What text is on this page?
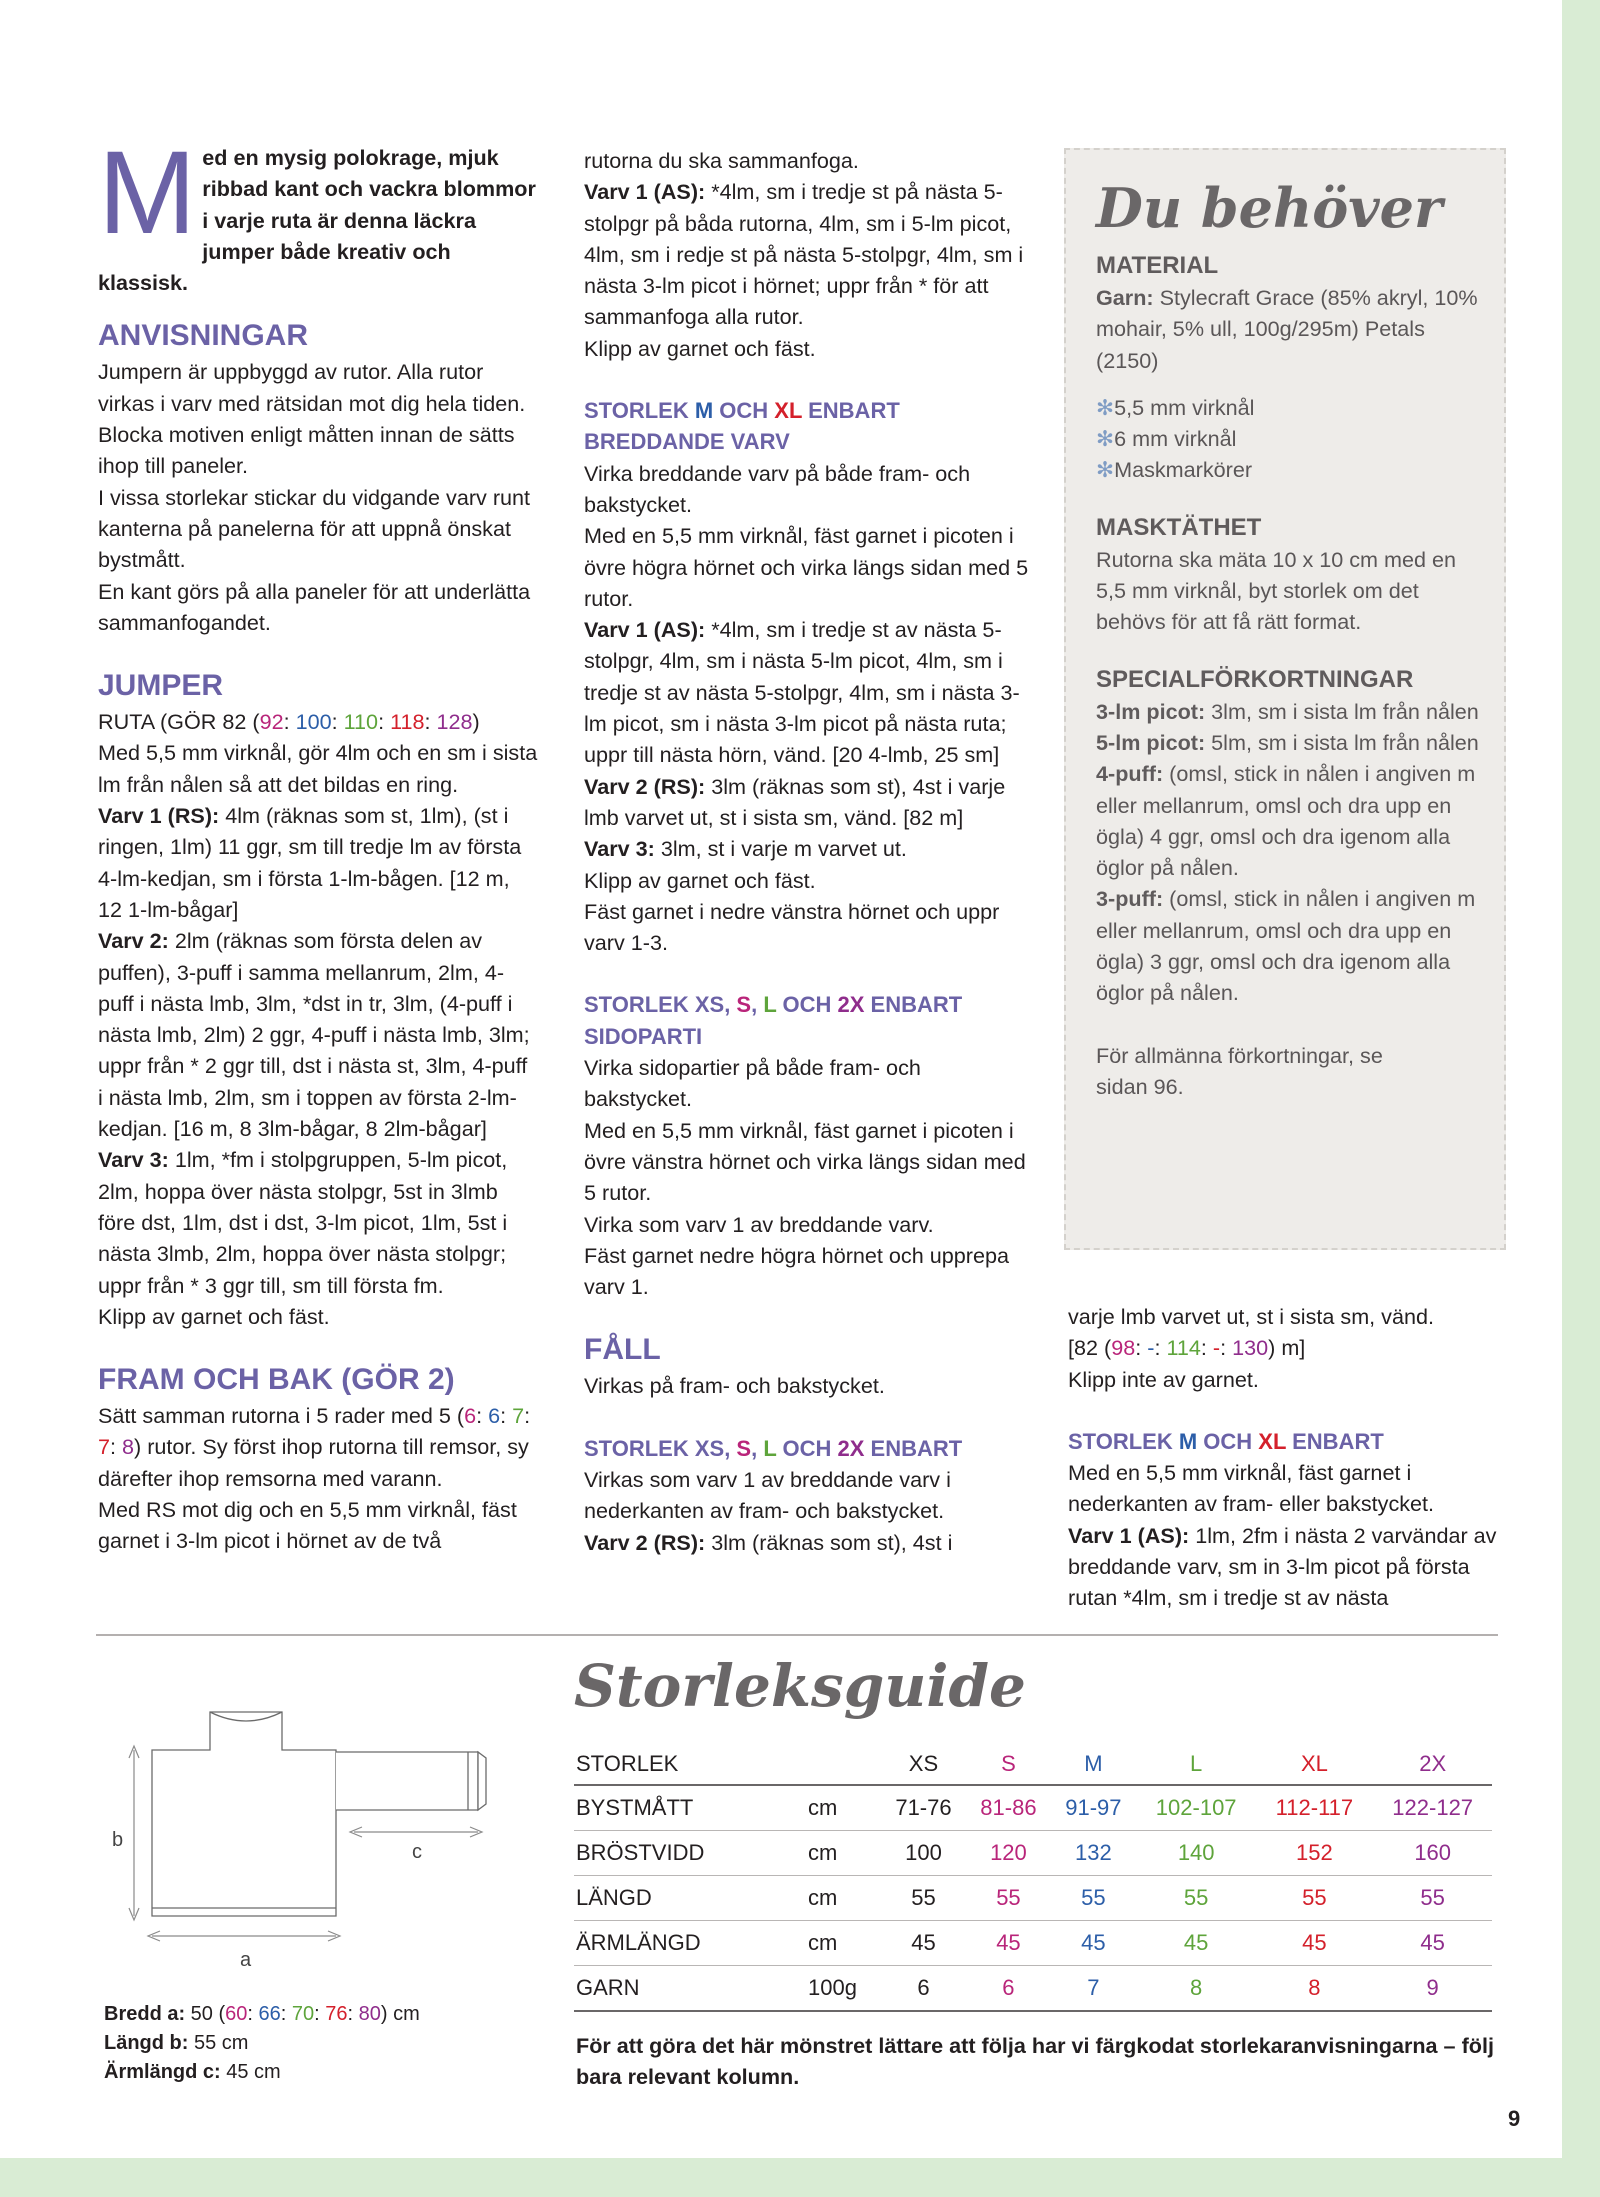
Med en mysig polokrage, mjuk ribbad kant och vackra blommor i varje ruta är denna läckra jumper både kreativ och klassisk.

ANVISNINGAR

Jumpern är uppbyggd av rutor. Alla rutor virkas i varv med rätsidan mot dig hela tiden. Blocka motiven enligt måtten innan de sätts ihop till paneler.

I vissa storlekar stickar du vidgande varv runt kanterna på panelerna för att uppnå önskat bystmått.

En kant görs på alla paneler för att underlätta sammanfogandet.

JUMPER

RUTA (GÖR 82 (92: 100: 110: 118: 128)

Med 5,5 mm virknål, gör 4lm och en sm i sista lm från nålen så att det bildas en ring.

Varv 1 (RS): 4lm (räknas som st, 1lm), (st i ringen, 1lm) 11 ggr, sm till tredje lm av första 4-lm-kedjan, sm i första 1-lm-bågen. [12 m, 12 1-lm-bågar]

Varv 2: 2lm (räknas som första delen av puffen), 3-puff i samma mellanrum, 2lm, 4-puff i nästa lmb, 3lm, *dst in tr, 3lm, (4-puff i nästa lmb, 2lm) 2 ggr, 4-puff i nästa lmb, 3lm; uppr från * 2 ggr till, dst i nästa st, 3lm, 4-puff i nästa lmb, 2lm, sm i toppen av första 2-lm-kedjan. [16 m, 8 3lm-bågar, 8 2lm-bågar]

Varv 3: 1lm, *fm i stolpgruppen, 5-lm picot, 2lm, hoppa över nästa stolpgr, 5st in 3lmb före dst, 1lm, dst i dst, 3-lm picot, 1lm, 5st i nästa 3lmb, 2lm, hoppa över nästa stolpgr; uppr från * 3 ggr till, sm till första fm.

Klipp av garnet och fäst.

FRAM OCH BAK (GÖR 2)

Sätt samman rutorna i 5 rader med 5 (6: 6: 7: 7: 8) rutor. Sy först ihop rutorna till remsor, sy därefter ihop remsorna med varann.

Med RS mot dig och en 5,5 mm virknål, fäst garnet i 3-lm picot i hörnet av de två

rutorna du ska sammanfoga.

Varv 1 (AS): *4lm, sm i tredje st på nästa 5-stolpgr på båda rutorna, 4lm, sm i 5-lm picot, 4lm, sm i redje st på nästa 5-stolpgr, 4lm, sm i nästa 3-lm picot i hörnet; uppr från * för att sammanfoga alla rutor.

Klipp av garnet och fäst.

STORLEK M OCH XL ENBART
BREDDANDE VARV

Virka breddande varv på både fram- och bakstycket.

Med en 5,5 mm virknål, fäst garnet i picoten i övre högra hörnet och virka längs sidan med 5 rutor.

Varv 1 (AS): *4lm, sm i tredje st av nästa 5-stolpgr, 4lm, sm i nästa 5-lm picot, 4lm, sm i tredje st av nästa 5-stolpgr, 4lm, sm i nästa 3-lm picot, sm i nästa 3-lm picot på nästa ruta; uppr till nästa hörn, vänd. [20 4-lmb, 25 sm]

Varv 2 (RS): 3lm (räknas som st), 4st i varje lmb varvet ut, st i sista sm, vänd. [82 m]

Varv 3: 3lm, st i varje m varvet ut.

Klipp av garnet och fäst.

Fäst garnet i nedre vänstra hörnet och uppr varv 1-3.

STORLEK XS, S, L OCH 2X ENBART
SIDOPARTI

Virka sidopartier på både fram- och bakstycket.

Med en 5,5 mm virknål, fäst garnet i picoten i övre vänstra hörnet och virka längs sidan med 5 rutor.

Virka som varv 1 av breddande varv.

Fäst garnet nedre högra hörnet och upprepa varv 1.

FÅLL

Virkas på fram- och bakstycket.

STORLEK XS, S, L OCH 2X ENBART

Virkas som varv 1 av breddande varv i nederkanten av fram- och bakstycket.

Varv 2 (RS): 3lm (räknas som st), 4st i

Du behöver
MATERIAL

Garn: Stylecraft Grace (85% akryl, 10% mohair, 5% ull, 100g/295m) Petals (2150)

✻5,5 mm virknål
✻6 mm virknål
✻Maskmarkörer
MASKTÄTHET

Rutorna ska mäta 10 x 10 cm med en 5,5 mm virknål, byt storlek om det behövs för att få rätt format.

SPECIALFÖRKORTNINGAR

3-lm picot: 3lm, sm i sista lm från nålen

5-lm picot: 5lm, sm i sista lm från nålen

4-puff: (omsl, stick in nålen i angiven m eller mellanrum, omsl och dra upp en ögla) 4 ggr, omsl och dra igenom alla öglor på nålen.

3-puff: (omsl, stick in nålen i angiven m eller mellanrum, omsl och dra upp en ögla) 3 ggr, omsl och dra igenom alla öglor på nålen.

För allmänna förkortningar, se sidan 96.

varje lmb varvet ut, st i sista sm, vänd.

[82 (98: -: 114: -: 130) m]

Klipp inte av garnet.

STORLEK M OCH XL ENBART

Med en 5,5 mm virknål, fäst garnet i nederkanten av fram- eller bakstycket.

Varv 1 (AS): 1lm, 2fm i nästa 2 varvändar av breddande varv, sm in 3-lm picot på första rutan *4lm, sm i tredje st av nästa

b
a
c
Bredd a: 50 (60: 66: 70: 76: 80) cm
Längd b: 55 cm
Ärmlängd c: 45 cm
Storleksguide
STORLEK		XS	S	M	L	XL	2X
BYSTMÅTT	cm	71-76	81-86	91-97	102-107	112-117	122-127
BRÖSTVIDD	cm	100	120	132	140	152	160
LÄNGD	cm	55	55	55	55	55	55
ÄRMLÄNGD	cm	45	45	45	45	45	45
GARN	100g	6	6	7	8	8	9
För att göra det här mönstret lättare att följa har vi färgkodat storlekaranvisningarna – följ bara relevant kolumn.
9
